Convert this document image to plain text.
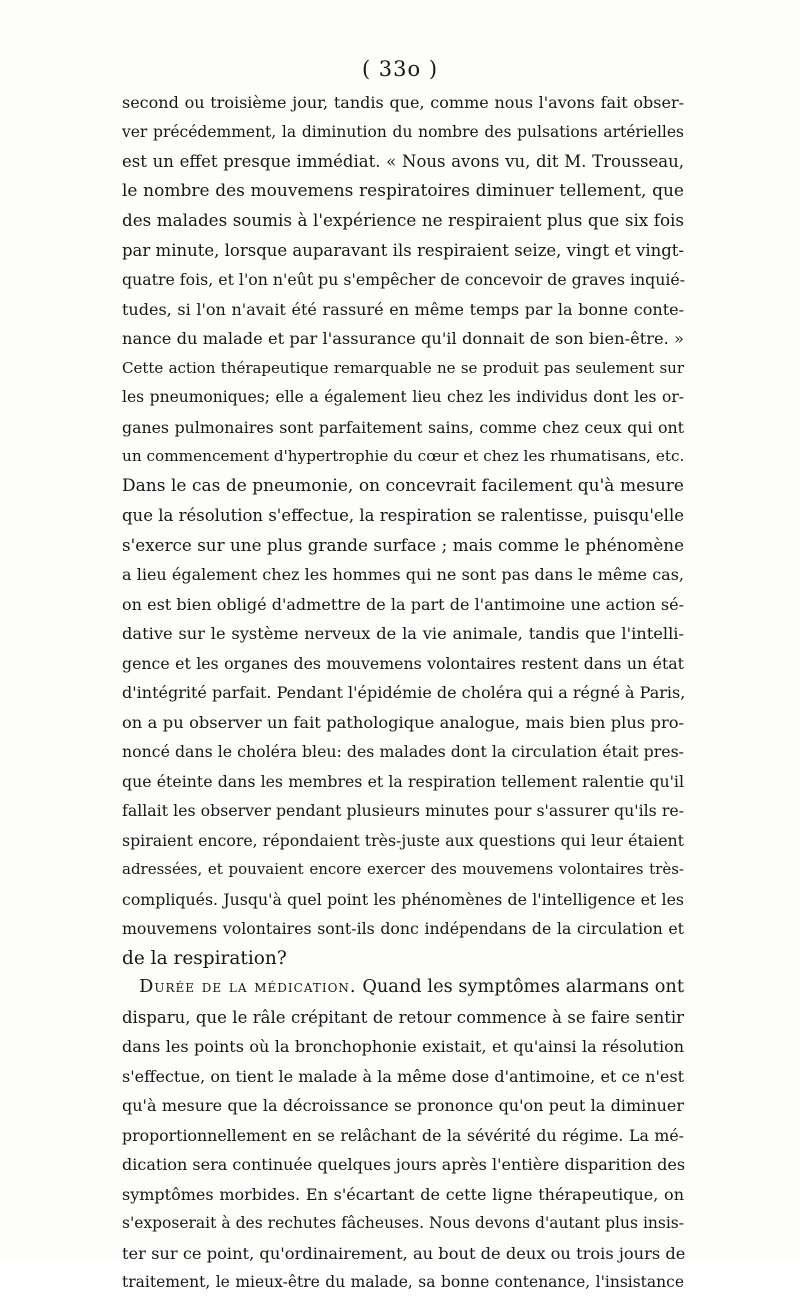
( 33o )
second ou troisième jour, tandis que, comme nous l'avons fait obser-
ver précédemment, la diminution du nombre des pulsations artérielles
est un effet presque immédiat. « Nous avons vu, dit M. Trousseau,
le nombre des mouvemens respiratoires diminuer tellement, que
des malades soumis à l'expérience ne respiraient plus que six fois
par minute, lorsque auparavant ils respiraient seize, vingt et vingt-
quatre fois, et l'on n'eût pu s'empêcher de concevoir de graves inquié-
tudes, si l'on n'avait été rassuré en même temps par la bonne conte-
nance du malade et par l'assurance qu'il donnait de son bien-être. »
Cette action thérapeutique remarquable ne se produit pas seulement sur
les pneumoniques; elle a également lieu chez les individus dont les or-
ganes pulmonaires sont parfaitement sains, comme chez ceux qui ont
un commencement d'hypertrophie du cœur et chez les rhumatisans, etc.
Dans le cas de pneumonie, on concevrait facilement qu'à mesure
que la résolution s'effectue, la respiration se ralentisse, puisqu'elle
s'exerce sur une plus grande surface ; mais comme le phénomène
a lieu également chez les hommes qui ne sont pas dans le même cas,
on est bien obligé d'admettre de la part de l'antimoine une action sé-
dative sur le système nerveux de la vie animale, tandis que l'intelli-
gence et les organes des mouvemens volontaires restent dans un état
d'intégrité parfait. Pendant l'épidémie de choléra qui a régné à Paris,
on a pu observer un fait pathologique analogue, mais bien plus pro-
noncé dans le choléra bleu: des malades dont la circulation était pres-
que éteinte dans les membres et la respiration tellement ralentie qu'il
fallait les observer pendant plusieurs minutes pour s'assurer qu'ils re-
spiraient encore, répondaient très-juste aux questions qui leur étaient
adressées, et pouvaient encore exercer des mouvemens volontaires très-
compliqués. Jusqu'à quel point les phénomènes de l'intelligence et les
mouvemens volontaires sont-ils donc indépendans de la circulation et
de la respiration?
Durée de la médication. Quand les symptômes alarmans ont
disparu, que le râle crépitant de retour commence à se faire sentir
dans les points où la bronchophonie existait, et qu'ainsi la résolution
s'effectue, on tient le malade à la même dose d'antimoine, et ce n'est
qu'à mesure que la décroissance se prononce qu'on peut la diminuer
proportionnellement en se relâchant de la sévérité du régime. La mé-
dication sera continuée quelques jours après l'entière disparition des
symptômes morbides. En s'écartant de cette ligne thérapeutique, on
s'exposerait à des rechutes fâcheuses. Nous devons d'autant plus insis-
ter sur ce point, qu'ordinairement, au bout de deux ou trois jours de
traitement, le mieux-être du malade, sa bonne contenance, l'insistance
